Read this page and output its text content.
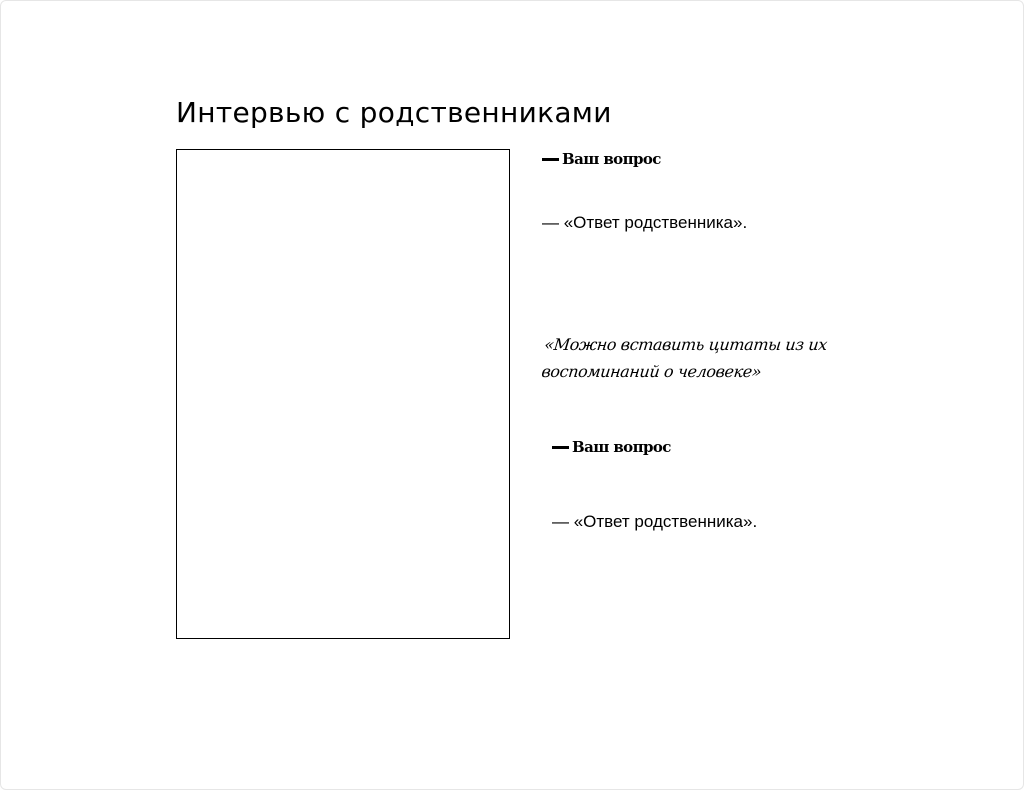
Интервью с родственниками
Ваш вопрос
— «Ответ родственника».
«Можно вставить цитаты из их
воспоминаний о человеке»
Ваш вопрос
— «Ответ родственника».
